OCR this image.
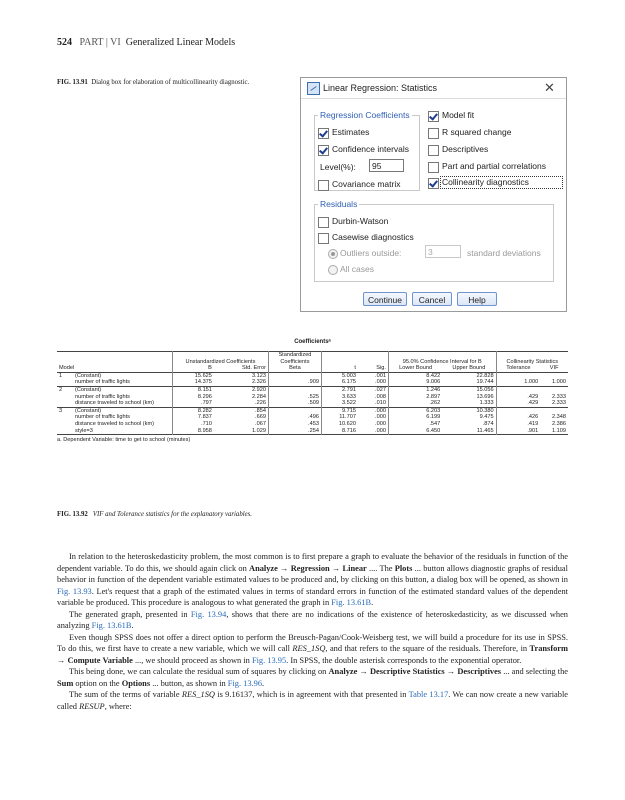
524 PART | VI Generalized Linear Models
FIG. 13.91 Dialog box for elaboration of multicollinearity diagnostic.
Linear Regression: Statistics	✕
Regression Coefficients
Estimates
Confidence intervals
Level(%):	95
Covariance matrix
Model fit
R squared change
Descriptives
Part and partial correlations
Collinearity diagnostics
Residuals
Durbin-Watson
Casewise diagnostics
Outliers outside:	3	standard deviations
All cases
Continue	Cancel	Help
Coefficientsᵃ
		Unstandardized Coefficients		Standardized Coefficients			95.0% Confidence Interval for B		Collinearity Statistics	

Model		B	Std. Error	Beta	t	Sig.	Lower Bound	Upper Bound	Tolerance	VIF
1	(Constant)	15.625	3.123		5.003	.001	8.422	22.828		
	number of traffic lights	14.375	2.326	.909	6.175	.000	9.006	19.744	1.000	1.000
2	(Constant)	8.151	2.920		2.791	.027	1.246	15.056		
	number of traffic lights	8.296	2.284	.525	3.633	.008	2.897	13.696	.429	2.333
	distance traveled to school (km)	.797	.226	.509	3.522	.010	.262	1.333	.429	2.333
3	(Constant)	8.282	.854		9.715	.000	6.203	10.380		
	number of traffic lights	7.837	.669	.496	11.707	.000	6.199	9.475	.426	2.348
	distance traveled to school (km)	.710	.067	.453	10.620	.000	.547	.874	.419	2.386
	style=3	8.958	1.029	.254	8.716	.000	6.450	11.465	.901	1.109
a. Dependent Variable: time to get to school (minutes)
FIG. 13.92 VIF and Tolerance statistics for the explanatory variables.

In relation to the heteroskedasticity problem, the most common is to first prepare a graph to evaluate the behavior of the residuals in function of the dependent variable. To do this, we should again click on Analyze → Regression → Linear .... The Plots ... button allows diagnostic graphs of residual behavior in function of the dependent variable estimated values to be produced and, by clicking on this button, a dialog box will be opened, as shown in Fig. 13.93. Let's request that a graph of the estimated values in terms of standard errors in function of the estimated standard values of the dependent variable be produced. This procedure is analogous to what generated the graph in Fig. 13.61B.

The generated graph, presented in Fig. 13.94, shows that there are no indications of the existence of heteroskedasticity, as we discussed when analyzing Fig. 13.61B.

Even though SPSS does not offer a direct option to perform the Breusch-Pagan/Cook-Weisberg test, we will build a procedure for its use in SPSS. To do this, we first have to create a new variable, which we will call RES_1SQ, and that refers to the square of the residuals. Therefore, in Transform → Compute Variable ..., we should proceed as shown in Fig. 13.95. In SPSS, the double asterisk corresponds to the exponential operator.

This being done, we can calculate the residual sum of squares by clicking on Analyze → Descriptive Statistics → Descriptives ... and selecting the Sum option on the Options ... button, as shown in Fig. 13.96.

The sum of the terms of variable RES_1SQ is 9.16137, which is in agreement with that presented in Table 13.17. We can now create a new variable called RESUP, where:
